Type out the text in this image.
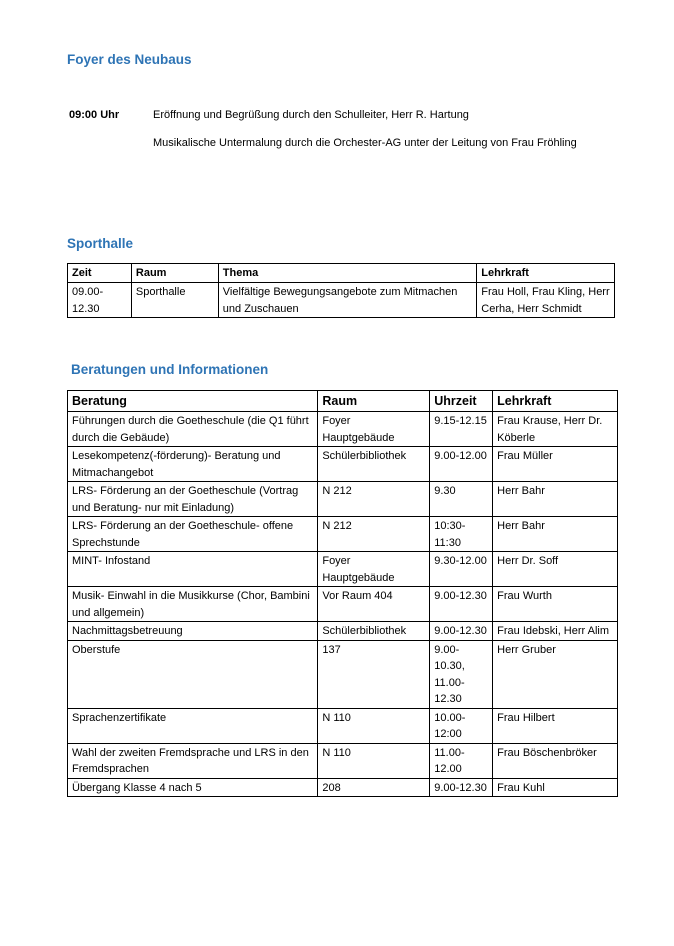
Foyer des Neubaus
09:00 Uhr	Eröffnung und Begrüßung durch den Schulleiter, Herr R. Hartung
Musikalische Untermalung durch die Orchester-AG unter der Leitung von Frau Fröhling
Sporthalle
Zeit	Raum	Thema	Lehrkraft
09.00-12.30	Sporthalle	Vielfältige Bewegungsangebote zum Mitmachen und Zuschauen	Frau Holl, Frau Kling, Herr Cerha, Herr Schmidt
Beratungen und Informationen
Beratung	Raum	Uhrzeit	Lehrkraft
Führungen durch die Goetheschule (die Q1 führt durch die Gebäude)	Foyer Hauptgebäude	9.15-12.15	Frau Krause, Herr Dr. Köberle
Lesekompetenz(-förderung)- Beratung und Mitmachangebot	Schülerbibliothek	9.00-12.00	Frau Müller
LRS- Förderung an der Goetheschule (Vortrag und Beratung- nur mit Einladung)	N 212	9.30	Herr Bahr
LRS- Förderung an der Goetheschule- offene Sprechstunde	N 212	10:30-11:30	Herr Bahr
MINT- Infostand	Foyer Hauptgebäude	9.30-12.00	Herr Dr. Soff
Musik- Einwahl in die Musikkurse (Chor, Bambini und allgemein)	Vor Raum 404	9.00-12.30	Frau Wurth
Nachmittagsbetreuung	Schülerbibliothek	9.00-12.30	Frau Idebski, Herr Alim
Oberstufe	137	9.00-10.30, 11.00-12.30	Herr Gruber
Sprachenzertifikate	N 110	10.00-12:00	Frau Hilbert
Wahl der zweiten Fremdsprache und LRS in den Fremdsprachen	N 110	11.00-12.00	Frau Böschenbröker
Übergang Klasse 4 nach 5	208	9.00-12.30	Frau Kuhl
